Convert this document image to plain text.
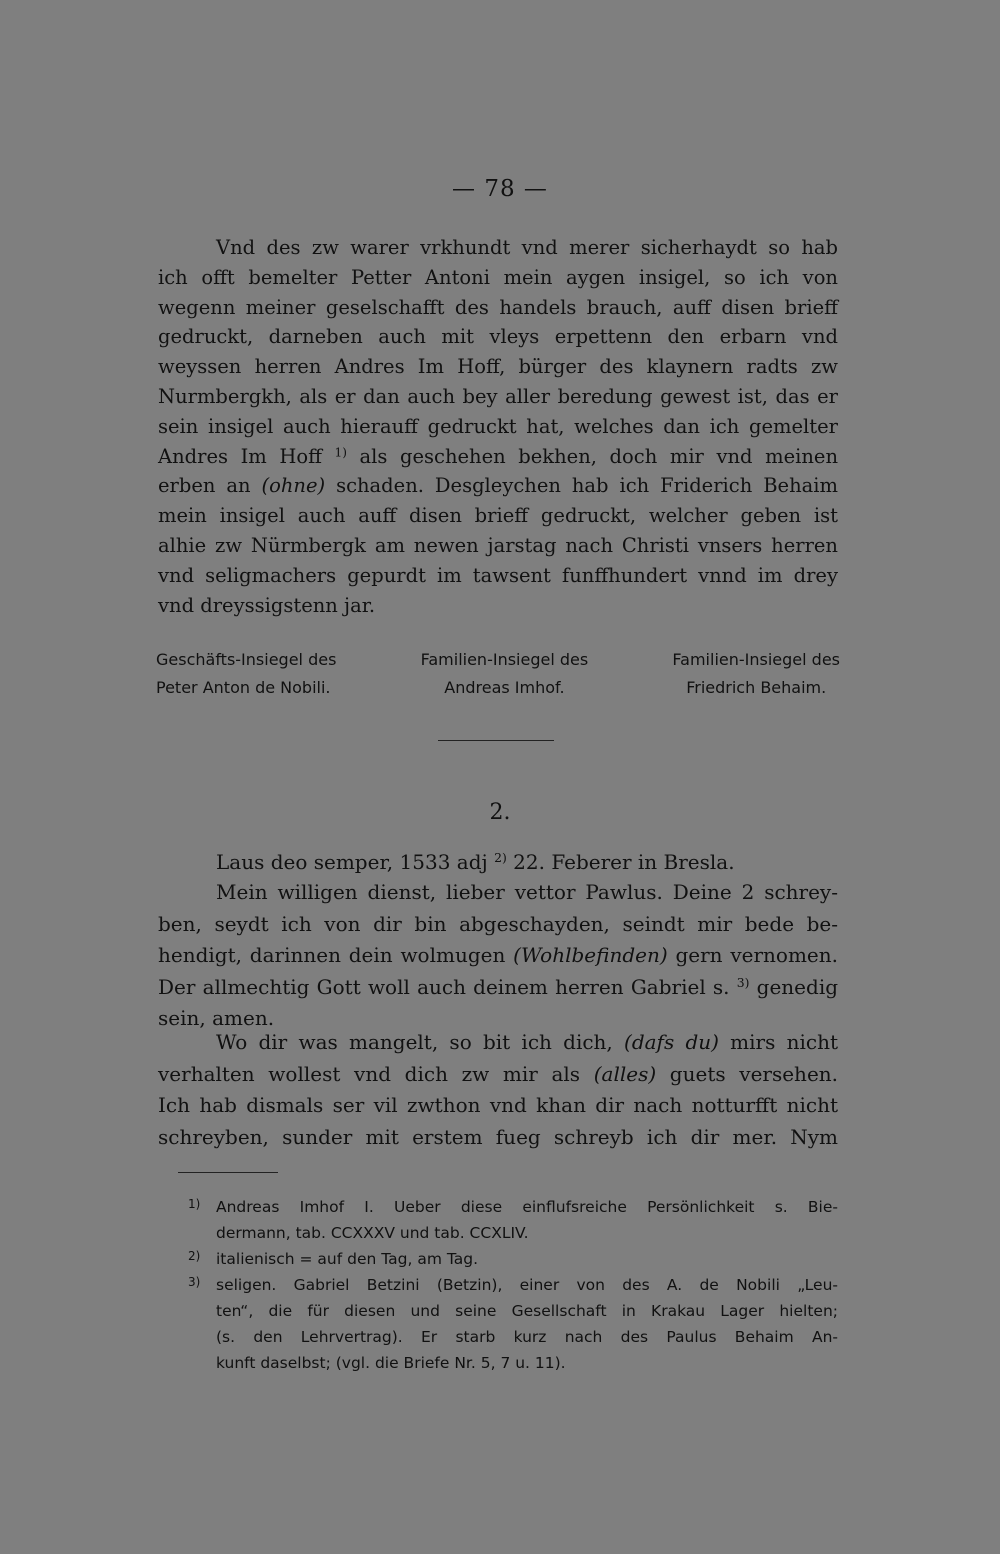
— 78 —
Vnd des zw warer vrkhundt vnd merer sicherhaydt so hab
ich offt bemelter Petter Antoni mein aygen insigel, so ich von
wegenn meiner geselschafft des handels brauch, auff disen brieff
gedruckt, darneben auch mit vleys erpettenn den erbarn vnd
weyssen herren Andres Im Hoff, bürger des klaynern radts zw
Nurmbergkh, als er dan auch bey aller beredung gewest ist, das er
sein insigel auch hierauff gedruckt hat, welches dan ich gemelter
Andres Im Hoff $^{1)}$ als geschehen bekhen, doch mir vnd meinen
erben an (ohne) schaden. Desgleychen hab ich Friderich Behaim
mein insigel auch auff disen brieff gedruckt, welcher geben ist
alhie zw Nürmbergk am newen jarstag nach Christi vnsers herren
vnd seligmachers gepurdt im tawsent funffhundert vnnd im drey
vnd dreyssigstenn jar.
Geschäfts-Insiegel des
Peter Anton de Nobili.
Familien-Insiegel des
Andreas Imhof.
Familien-Insiegel des
Friedrich Behaim.
2.
Laus deo semper, 1533 adj $^{2)}$ 22. Feberer in Bresla.
Mein willigen dienst, lieber vettor Pawlus. Deine 2 schrey-
ben, seydt ich von dir bin abgeschayden, seindt mir bede be-
hendigt, darinnen dein wolmugen (Wohlbefinden) gern vernomen.
Der allmechtig Gott woll auch deinem herren Gabriel s. $^{3)}$ genedig
sein, amen.
Wo dir was mangelt, so bit ich dich, (dafs du) mirs nicht
verhalten wollest vnd dich zw mir als (alles) guets versehen.
Ich hab dismals ser vil zwthon vnd khan dir nach notturfft nicht
schreyben, sunder mit erstem fueg schreyb ich dir mer. Nym
1)	Andreas Imhof I. Ueber diese einflufsreiche Persönlichkeit s. Bie-
dermann, tab. CCXXXV und tab. CCXLIV.
2)	italienisch = auf den Tag, am Tag.
3)	seligen. Gabriel Betzini (Betzin), einer von des A. de Nobili „Leu-
ten“, die für diesen und seine Gesellschaft in Krakau Lager hielten;
(s. den Lehrvertrag). Er starb kurz nach des Paulus Behaim An-
kunft daselbst; (vgl. die Briefe Nr. 5, 7 u. 11).
